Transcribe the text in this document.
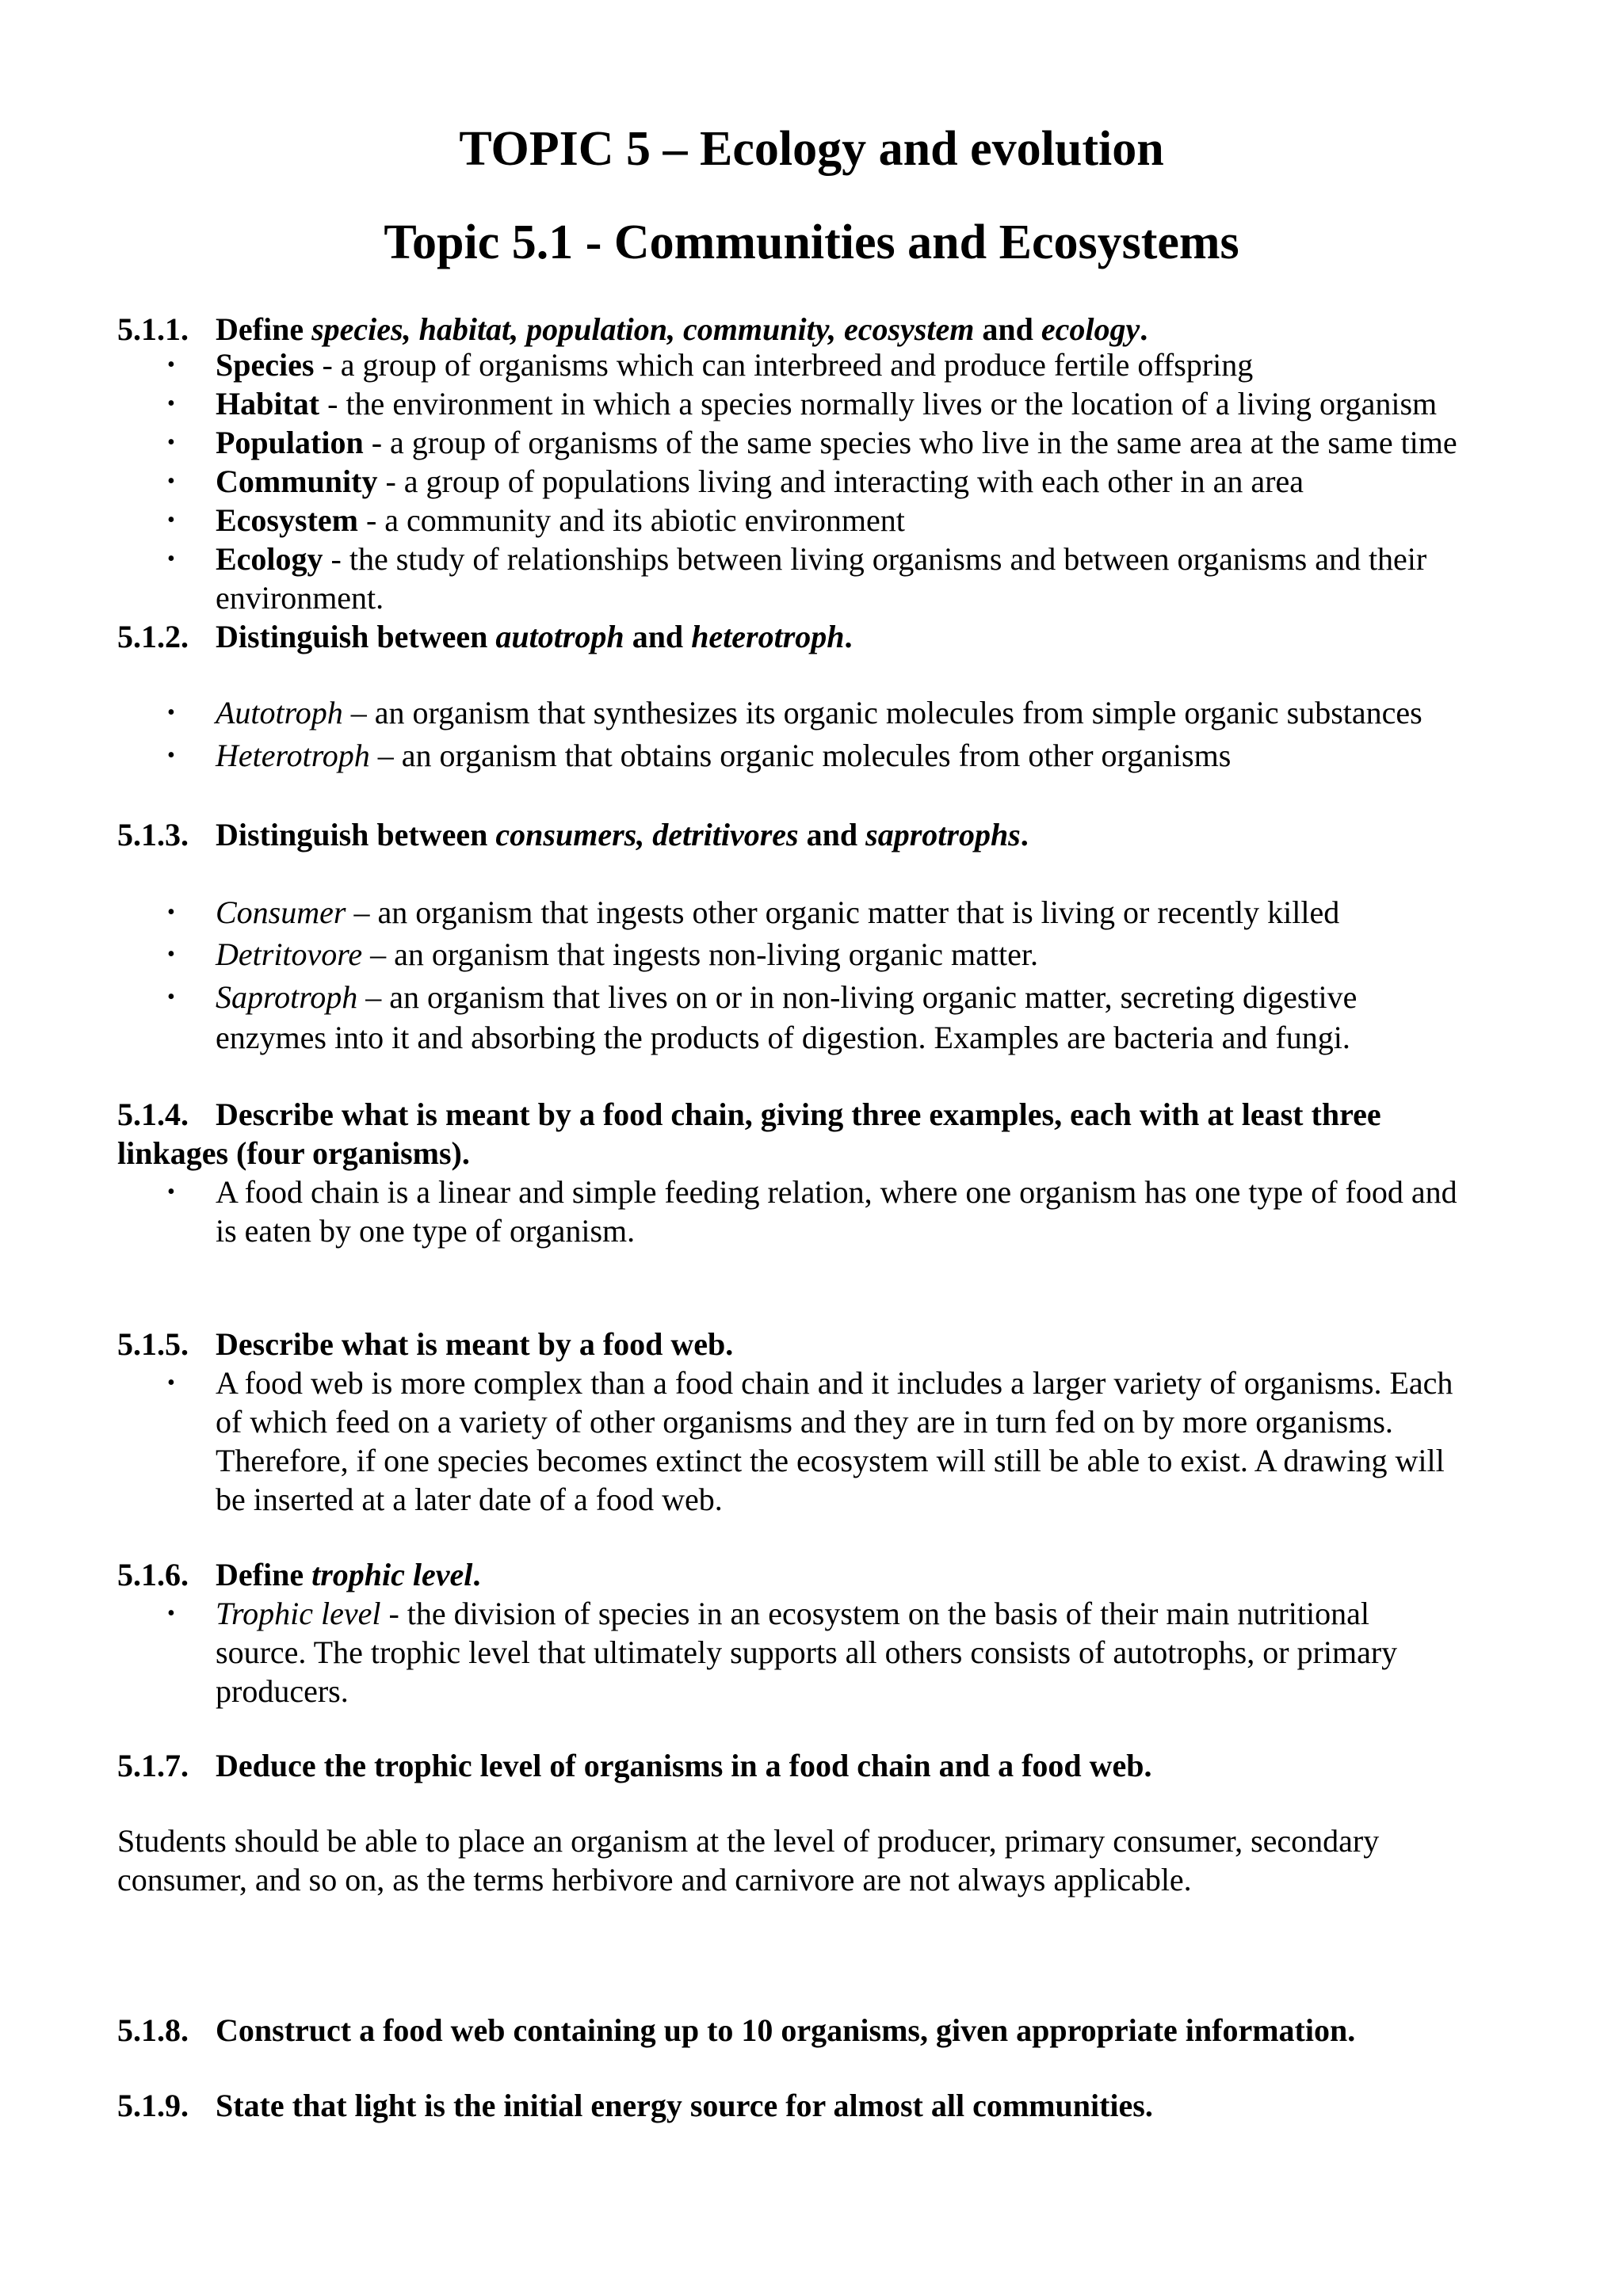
TOPIC 5 – Ecology and evolution
Topic 5.1 - Communities and Ecosystems
5.1.1. Define species, habitat, population, community, ecosystem and ecology.
• Species - a group of organisms which can interbreed and produce fertile offspring
• Habitat - the environment in which a species normally lives or the location of a living organism
• Population - a group of organisms of the same species who live in the same area at the same time
• Community - a group of populations living and interacting with each other in an area
• Ecosystem - a community and its abiotic environment
• Ecology - the study of relationships between living organisms and between organisms and their
environment.
5.1.2. Distinguish between autotroph and heterotroph.
• Autotroph – an organism that synthesizes its organic molecules from simple organic substances
• Heterotroph – an organism that obtains organic molecules from other organisms
5.1.3. Distinguish between consumers, detritivores and saprotrophs.
• Consumer – an organism that ingests other organic matter that is living or recently killed
• Detritovore – an organism that ingests non-living organic matter.
• Saprotroph – an organism that lives on or in non-living organic matter, secreting digestive
enzymes into it and absorbing the products of digestion. Examples are bacteria and fungi.
5.1.4. Describe what is meant by a food chain, giving three examples, each with at least three
linkages (four organisms).
• A food chain is a linear and simple feeding relation, where one organism has one type of food and
is eaten by one type of organism.
5.1.5. Describe what is meant by a food web.
• A food web is more complex than a food chain and it includes a larger variety of organisms. Each
of which feed on a variety of other organisms and they are in turn fed on by more organisms.
Therefore, if one species becomes extinct the ecosystem will still be able to exist. A drawing will
be inserted at a later date of a food web.
5.1.6. Define trophic level.
• Trophic level - the division of species in an ecosystem on the basis of their main nutritional
source. The trophic level that ultimately supports all others consists of autotrophs, or primary
producers.
5.1.7. Deduce the trophic level of organisms in a food chain and a food web.
Students should be able to place an organism at the level of producer, primary consumer, secondary
consumer, and so on, as the terms herbivore and carnivore are not always applicable.
5.1.8. Construct a food web containing up to 10 organisms, given appropriate information.
5.1.9. State that light is the initial energy source for almost all communities.
